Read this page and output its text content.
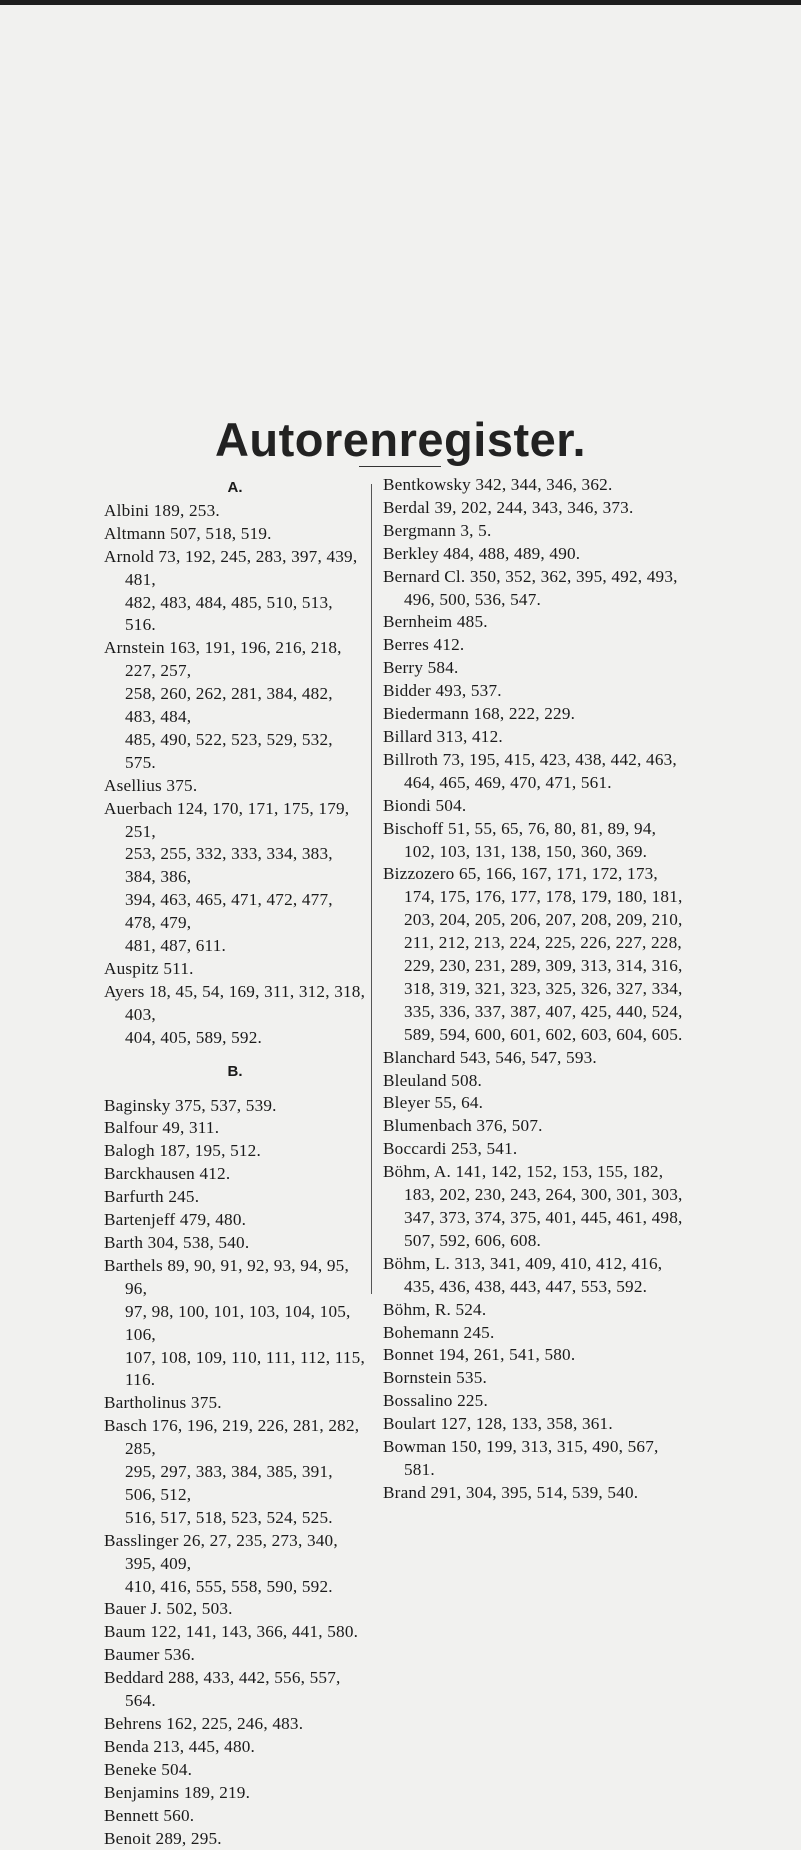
Autorenregister.
A.
Albini 189, 253.
Altmann 507, 518, 519.
Arnold 73, 192, 245, 283, 397, 439, 481,
482, 483, 484, 485, 510, 513, 516.
Arnstein 163, 191, 196, 216, 218, 227, 257,
258, 260, 262, 281, 384, 482, 483, 484,
485, 490, 522, 523, 529, 532, 575.
Asellius 375.
Auerbach 124, 170, 171, 175, 179, 251,
253, 255, 332, 333, 334, 383, 384, 386,
394, 463, 465, 471, 472, 477, 478, 479,
481, 487, 611.
Auspitz 511.
Ayers 18, 45, 54, 169, 311, 312, 318, 403,
404, 405, 589, 592.
B.
Baginsky 375, 537, 539.
Balfour 49, 311.
Balogh 187, 195, 512.
Barckhausen 412.
Barfurth 245.
Bartenjeff 479, 480.
Barth 304, 538, 540.
Barthels 89, 90, 91, 92, 93, 94, 95, 96,
97, 98, 100, 101, 103, 104, 105, 106,
107, 108, 109, 110, 111, 112, 115, 116.
Bartholinus 375.
Basch 176, 196, 219, 226, 281, 282, 285,
295, 297, 383, 384, 385, 391, 506, 512,
516, 517, 518, 523, 524, 525.
Basslinger 26, 27, 235, 273, 340, 395, 409,
410, 416, 555, 558, 590, 592.
Bauer J. 502, 503.
Baum 122, 141, 143, 366, 441, 580.
Baumer 536.
Beddard 288, 433, 442, 556, 557, 564.
Behrens 162, 225, 246, 483.
Benda 213, 445, 480.
Beneke 504.
Benjamins 189, 219.
Bennett 560.
Benoit 289, 295.
Bentkowsky 342, 344, 346, 362.
Berdal 39, 202, 244, 343, 346, 373.
Bergmann 3, 5.
Berkley 484, 488, 489, 490.
Bernard Cl. 350, 352, 362, 395, 492, 493,
496, 500, 536, 547.
Bernheim 485.
Berres 412.
Berry 584.
Bidder 493, 537.
Biedermann 168, 222, 229.
Billard 313, 412.
Billroth 73, 195, 415, 423, 438, 442, 463,
464, 465, 469, 470, 471, 561.
Biondi 504.
Bischoff 51, 55, 65, 76, 80, 81, 89, 94,
102, 103, 131, 138, 150, 360, 369.
Bizzozero 65, 166, 167, 171, 172, 173,
174, 175, 176, 177, 178, 179, 180, 181,
203, 204, 205, 206, 207, 208, 209, 210,
211, 212, 213, 224, 225, 226, 227, 228,
229, 230, 231, 289, 309, 313, 314, 316,
318, 319, 321, 323, 325, 326, 327, 334,
335, 336, 337, 387, 407, 425, 440, 524,
589, 594, 600, 601, 602, 603, 604, 605.
Blanchard 543, 546, 547, 593.
Bleuland 508.
Bleyer 55, 64.
Blumenbach 376, 507.
Boccardi 253, 541.
Böhm, A. 141, 142, 152, 153, 155, 182,
183, 202, 230, 243, 264, 300, 301, 303,
347, 373, 374, 375, 401, 445, 461, 498,
507, 592, 606, 608.
Böhm, L. 313, 341, 409, 410, 412, 416,
435, 436, 438, 443, 447, 553, 592.
Böhm, R. 524.
Bohemann 245.
Bonnet 194, 261, 541, 580.
Bornstein 535.
Bossalino 225.
Boulart 127, 128, 133, 358, 361.
Bowman 150, 199, 313, 315, 490, 567,
581.
Brand 291, 304, 395, 514, 539, 540.
